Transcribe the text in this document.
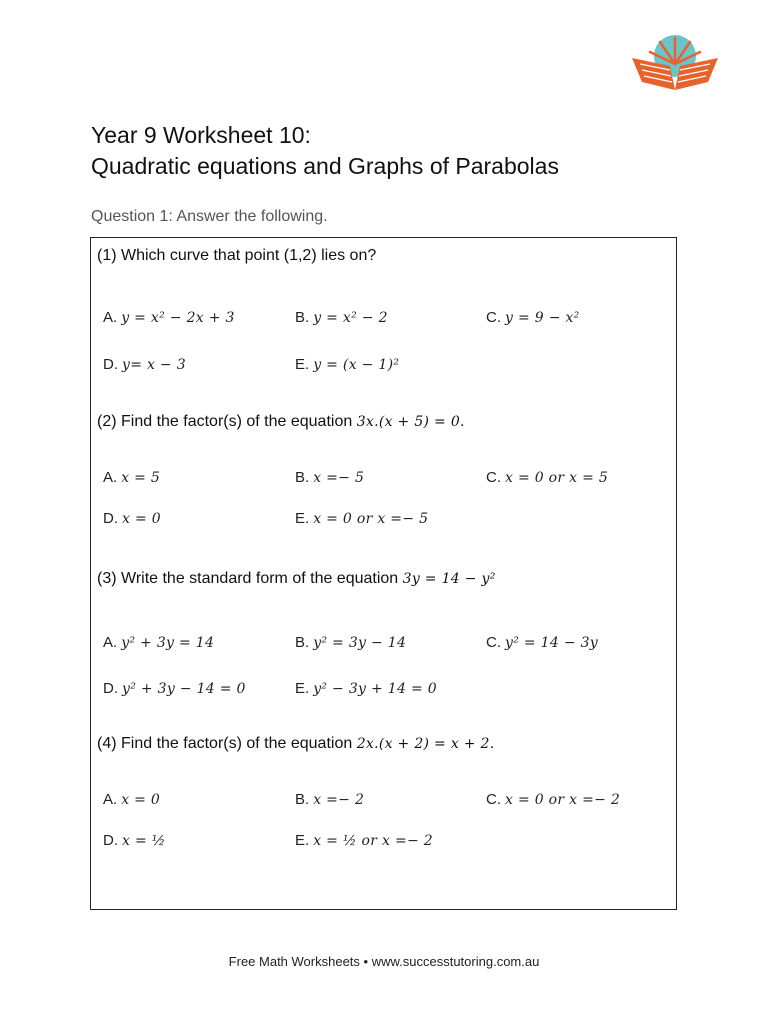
Year 9 Worksheet 10:
Quadratic equations and Graphs of Parabolas
Question 1: Answer the following.
(1) Which curve that point (1,2) lies on?
A. y = x² − 2x + 3	B. y = x² − 2	C. y = 9 − x²
D. y= x − 3	E. y = (x − 1)²
(2) Find the factor(s) of the equation 3x.(x + 5) = 0.
A. x = 5	B. x =− 5	C. x = 0 or x = 5
D. x = 0	E. x = 0 or x =− 5
(3) Write the standard form of the equation 3y = 14 − y²
A. y² + 3y = 14	B. y² = 3y − 14	C. y² = 14 − 3y
D. y² + 3y − 14 = 0	E. y² − 3y + 14 = 0
(4) Find the factor(s) of the equation 2x.(x + 2) = x + 2.
A. x = 0	B. x =− 2	C. x = 0 or x =− 2
D. x = ½	E. x = ½ or x =− 2
Free Math Worksheets • www.successtutoring.com.au
